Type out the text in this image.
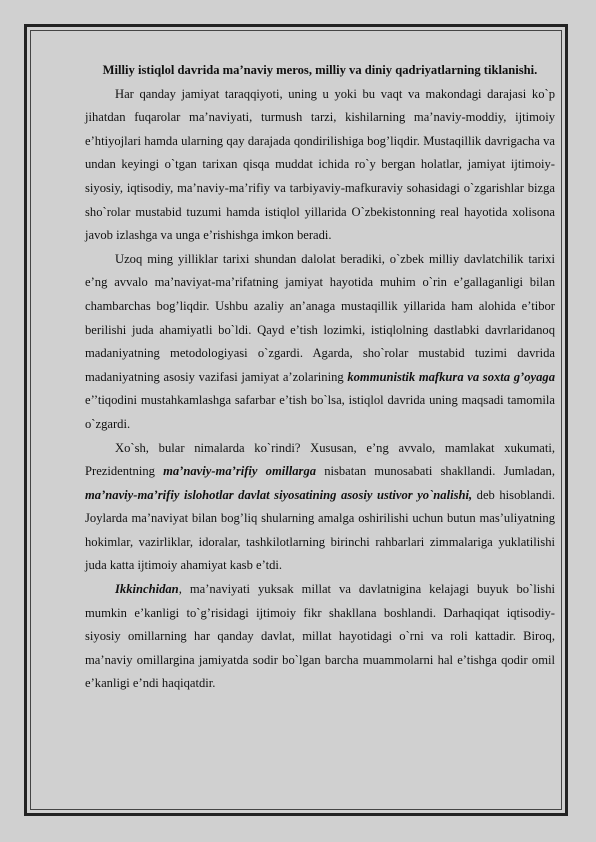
Milliy istiqlol davrida ma’naviy meros, milliy va diniy qadriyatlarning tiklanishi.

Har qanday jamiyat taraqqiyoti, uning u yoki bu vaqt va makondagi darajasi ko`p jihatdan fuqarolar ma’naviyati, turmush tarzi, kishilarning ma’naviy-moddiy, ijtimoiy e’htiyojlari hamda ularning qay darajada qondirilishiga bog’liqdir. Mustaqillik davrigacha va undan keyingi o`tgan tarixan qisqa muddat ichida ro`y bergan holatlar, jamiyat ijtimoiy-siyosiy, iqtisodiy, ma’naviy-ma’rifiy va tarbiyaviy-mafkuraviy sohasidagi o`zgarishlar bizga sho`rolar mustabid tuzumi hamda istiqlol yillarida O`zbekistonning real hayotida xolisona javob izlashga va unga e’rishishga imkon beradi.

Uzoq ming yilliklar tarixi shundan dalolat beradiki, o`zbek milliy davlatchilik tarixi e’ng avvalo ma’naviyat-ma’rifatning jamiyat hayotida muhim o`rin e’gallaganligi bilan chambarchas bog’liqdir. Ushbu azaliy an’anaga mustaqillik yillarida ham alohida e’tibor berilishi juda ahamiyatli bo`ldi. Qayd e’tish lozimki, istiqlolning dastlabki davrlaridanoq madaniyatning metodologiyasi o`zgardi. Agarda, sho`rolar mustabid tuzimi davrida madaniyatning asosiy vazifasi jamiyat a’zolarining kommunistik mafkura va soxta g’oyaga e’’tiqodini mustahkamlashga safarbar e’tish bo`lsa, istiqlol davrida uning maqsadi tamomila o`zgardi.

Xo`sh, bular nimalarda ko`rindi? Xususan, e’ng avvalo, mamlakat xukumati, Prezidentning ma’naviy-ma’rifiy omillarga nisbatan munosabati shakllandi. Jumladan, ma’naviy-ma’rifiy islohotlar davlat siyosatining asosiy ustivor yo`nalishi, deb hisoblandi. Joylarda ma’naviyat bilan bog’liq shularning amalga oshirilishi uchun butun mas’uliyatning hokimlar, vazirliklar, idoralar, tashkilotlarning birinchi rahbarlari zimmalariga yuklatilishi juda katta ijtimoiy ahamiyat kasb e’tdi.

Ikkinchidan, ma’naviyati yuksak millat va davlatnigina kelajagi buyuk bo`lishi mumkin e’kanligi to`g’risidagi ijtimoiy fikr shakllana boshlandi. Darhaqiqat iqtisodiy-siyosiy omillarning har qanday davlat, millat hayotidagi o`rni va roli kattadir. Biroq, ma’naviy omillargina jamiyatda sodir bo`lgan barcha muammolarni hal e’tishga qodir omil e’kanligi e’ndi haqiqatdir.
